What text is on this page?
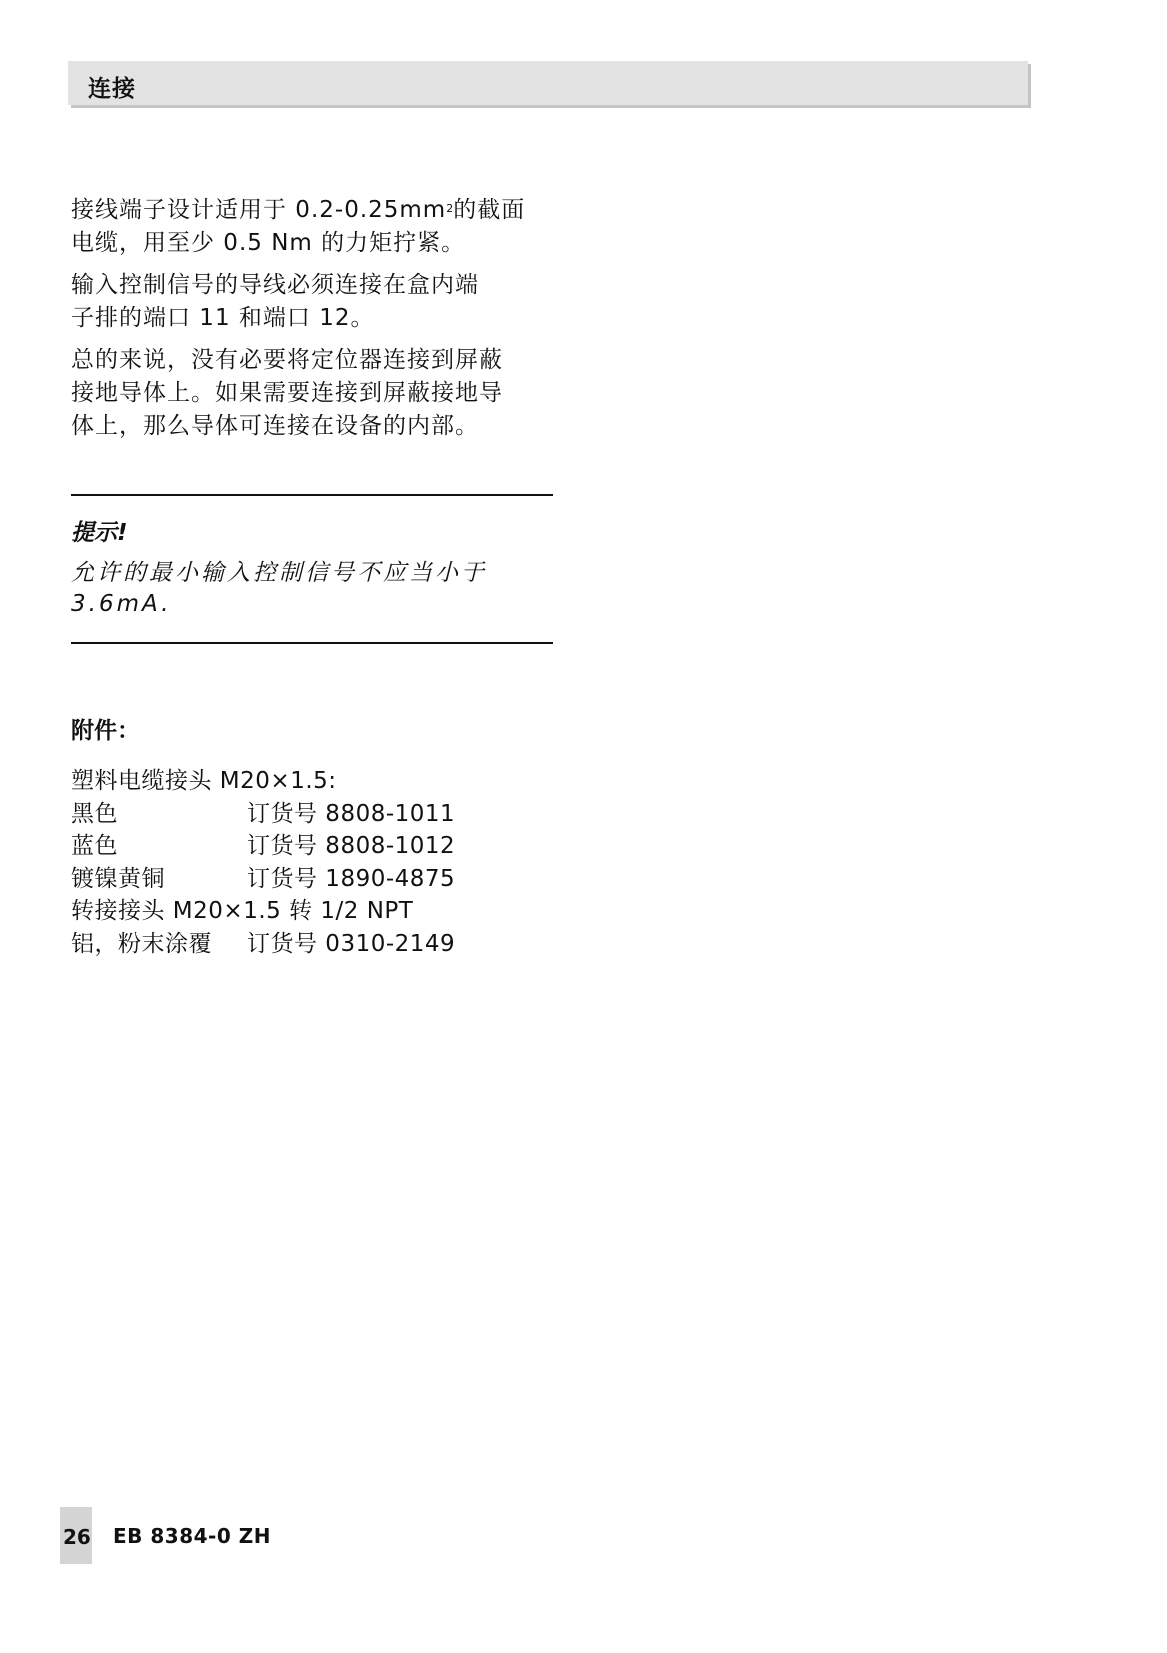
连接

接线端子设计适用于 $0.2-0.25mm^2$的截面
电缆，用至少 0.5 Nm 的力矩拧紧。

输入控制信号的导线必须连接在盒内端
子排的端口 11 和端口 12。

总的来说，没有必要将定位器连接到屏蔽
接地导体上。如果需要连接到屏蔽接地导
体上，那么导体可连接在设备的内部。

提示!
允许的最小输入控制信号不应当小于
3.6mA.
附件：
塑料电缆接头 M20×1.5:
黑色	订货号 8808-1011
蓝色	订货号 8808-1012
镀镍黄铜	订货号 1890-4875
转接接头 M20×1.5 转 1/2 NPT
铝，粉末涂覆 订货号 0310-2149
26 EB 8384-0 ZH
